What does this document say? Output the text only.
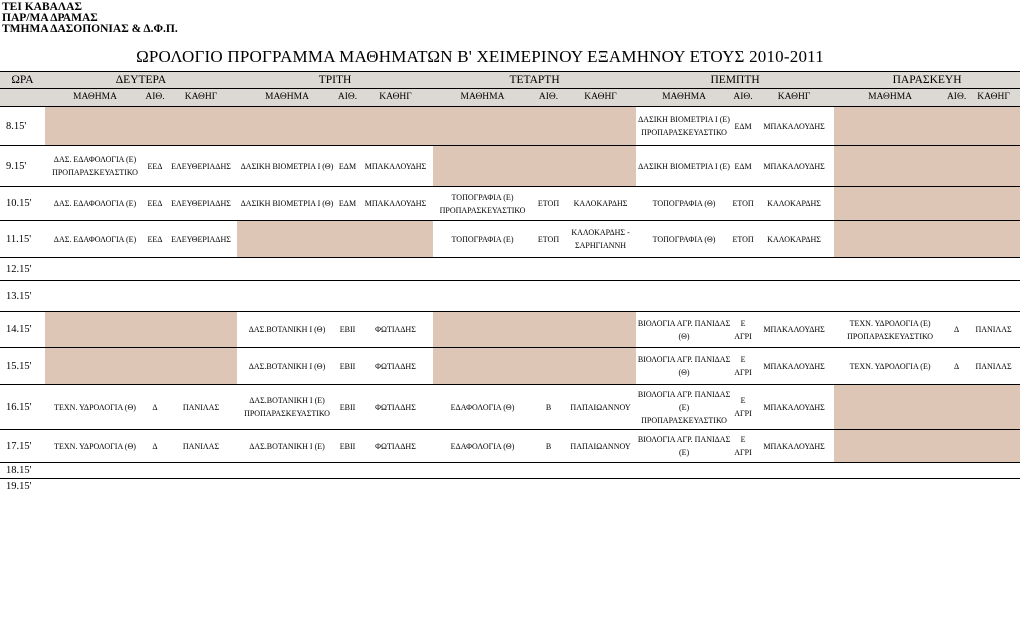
ΤΕΙ ΚΑΒΑΛΑΣ
ΠΑΡ/ΜΑ ΔΡΑΜΑΣ
ΤΜΗΜΑ ΔΑΣΟΠΟΝΙΑΣ & Δ.Φ.Π.
ΩΡΟΛΟΓΙΟ ΠΡΟΓΡΑΜΜΑ ΜΑΘΗΜΑΤΩΝ Β' ΧΕΙΜΕΡΙΝΟΥ ΕΞΑΜΗΝΟΥ ΕΤΟΥΣ 2010-2011
ΩΡΑ	ΔΕΥΤΕΡΑ			ΤΡΙΤΗ			ΤΕΤΑΡΤΗ			ΠΕΜΠΤΗ			ΠΑΡΑΣΚΕΥΗ		
	ΜΑΘΗΜΑ	ΑΙΘ.	ΚΑΘΗΓ	ΜΑΘΗΜΑ	ΑΙΘ.	ΚΑΘΗΓ	ΜΑΘΗΜΑ	ΑΙΘ.	ΚΑΘΗΓ	ΜΑΘΗΜΑ	ΑΙΘ.	ΚΑΘΗΓ	ΜΑΘΗΜΑ	ΑΙΘ.	ΚΑΘΗΓ
8.15'										ΔΑΣΙΚΗ ΒΙΟΜΕΤΡΙΑ Ι (Ε) ΠΡΟΠΑΡΑΣΚΕΥΑΣΤΙΚΟ	ΕΔΜ	ΜΠΑΚΑΛΟΥΔΗΣ			
9.15'	ΔΑΣ. ΕΔΑΦΟΛΟΓΙΑ (Ε) ΠΡΟΠΑΡΑΣΚΕΥΑΣΤΙΚΟ	ΕΕΔ	ΕΛΕΥΘΕΡΙΑΔΗΣ	ΔΑΣΙΚΗ ΒΙΟΜΕΤΡΙΑ Ι (Θ)	ΕΔΜ	ΜΠΑΚΑΛΟΥΔΗΣ				ΔΑΣΙΚΗ ΒΙΟΜΕΤΡΙΑ Ι (Ε)	ΕΔΜ	ΜΠΑΚΑΛΟΥΔΗΣ			
10.15'	ΔΑΣ. ΕΔΑΦΟΛΟΓΙΑ (Ε)	ΕΕΔ	ΕΛΕΥΘΕΡΙΑΔΗΣ	ΔΑΣΙΚΗ ΒΙΟΜΕΤΡΙΑ Ι (Θ)	ΕΔΜ	ΜΠΑΚΑΛΟΥΔΗΣ	ΤΟΠΟΓΡΑΦΙΑ (Ε) ΠΡΟΠΑΡΑΣΚΕΥΑΣΤΙΚΟ	ΕΤΟΠ	ΚΑΛΟΚΑΡΔΗΣ	ΤΟΠΟΓΡΑΦΙΑ (Θ)	ΕΤΟΠ	ΚΑΛΟΚΑΡΔΗΣ			
11.15'	ΔΑΣ. ΕΔΑΦΟΛΟΓΙΑ (Ε)	ΕΕΔ	ΕΛΕΥΘΕΡΙΑΔΗΣ				ΤΟΠΟΓΡΑΦΙΑ (Ε)	ΕΤΟΠ	ΚΑΛΟΚΑΡΔΗΣ - ΣΑΡΗΓΙΑΝΝΗ	ΤΟΠΟΓΡΑΦΙΑ (Θ)	ΕΤΟΠ	ΚΑΛΟΚΑΡΔΗΣ			
12.15'															
13.15'															
14.15'				ΔΑΣ.ΒΟΤΑΝΙΚΗ Ι (Θ)	ΕΒΙΙ	ΦΩΤΙΑΔΗΣ				ΒΙΟΛΟΓΙΑ ΑΓΡ. ΠΑΝΙΔΑΣ (Θ)	Ε ΑΓΡΙ	ΜΠΑΚΑΛΟΥΔΗΣ	ΤΕΧΝ. ΥΔΡΟΛΟΓΙΑ (Ε) ΠΡΟΠΑΡΑΣΚΕΥΑΣΤΙΚΟ	Δ	ΠΑΝΙΛΑΣ
15.15'				ΔΑΣ.ΒΟΤΑΝΙΚΗ Ι (Θ)	ΕΒΙΙ	ΦΩΤΙΑΔΗΣ				ΒΙΟΛΟΓΙΑ ΑΓΡ. ΠΑΝΙΔΑΣ (Θ)	Ε ΑΓΡΙ	ΜΠΑΚΑΛΟΥΔΗΣ	ΤΕΧΝ. ΥΔΡΟΛΟΓΙΑ (Ε)	Δ	ΠΑΝΙΛΑΣ
16.15'	ΤΕΧΝ. ΥΔΡΟΛΟΓΙΑ (Θ)	Δ	ΠΑΝΙΛΑΣ	ΔΑΣ.ΒΟΤΑΝΙΚΗ Ι (Ε) ΠΡΟΠΑΡΑΣΚΕΥΑΣΤΙΚΟ	ΕΒΙΙ	ΦΩΤΙΑΔΗΣ	ΕΔΑΦΟΛΟΓΙΑ (Θ)	Β	ΠΑΠΑΙΩΑΝΝΟΥ	ΒΙΟΛΟΓΙΑ ΑΓΡ. ΠΑΝΙΔΑΣ (Ε) ΠΡΟΠΑΡΑΣΚΕΥΑΣΤΙΚΟ	Ε ΑΓΡΙ	ΜΠΑΚΑΛΟΥΔΗΣ			
17.15'	ΤΕΧΝ. ΥΔΡΟΛΟΓΙΑ (Θ)	Δ	ΠΑΝΙΛΑΣ	ΔΑΣ.ΒΟΤΑΝΙΚΗ Ι (Ε)	ΕΒΙΙ	ΦΩΤΙΑΔΗΣ	ΕΔΑΦΟΛΟΓΙΑ (Θ)	Β	ΠΑΠΑΙΩΑΝΝΟΥ	ΒΙΟΛΟΓΙΑ ΑΓΡ. ΠΑΝΙΔΑΣ (Ε)	Ε ΑΓΡΙ	ΜΠΑΚΑΛΟΥΔΗΣ			
18.15'															
19.15'															
